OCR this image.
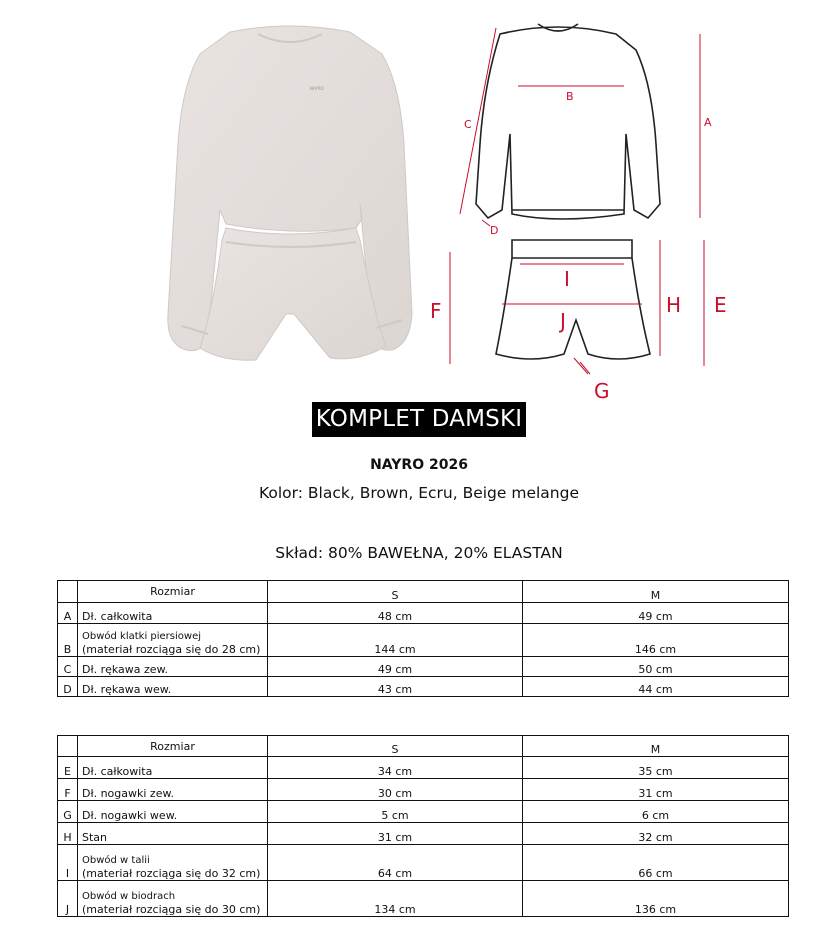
NAYRO
A
B
C
D
E
F
G
H
I
J
KOMPLET DAMSKI
NAYRO 2026
Kolor: Black, Brown, Ecru, Beige melange
Skład: 80% BAWEŁNA, 20% ELASTAN
	Rozmiar	S	M
A	Dł. całkowita	48 cm	49 cm
B	Obwód klatki piersiowej
(materiał rozciąga się do 28 cm)	144 cm	146 cm
C	Dł. rękawa zew.	49 cm	50 cm
D	Dł. rękawa wew.	43 cm	44 cm
	Rozmiar	S	M
E	Dł. całkowita	34 cm	35 cm
F	Dł. nogawki zew.	30 cm	31 cm
G	Dł. nogawki wew.	5 cm	6 cm
H	Stan	31 cm	32 cm
I	Obwód w talii
(materiał rozciąga się do 32 cm)	64 cm	66 cm
J	Obwód w biodrach
(materiał rozciąga się do 30 cm)	134 cm	136 cm
